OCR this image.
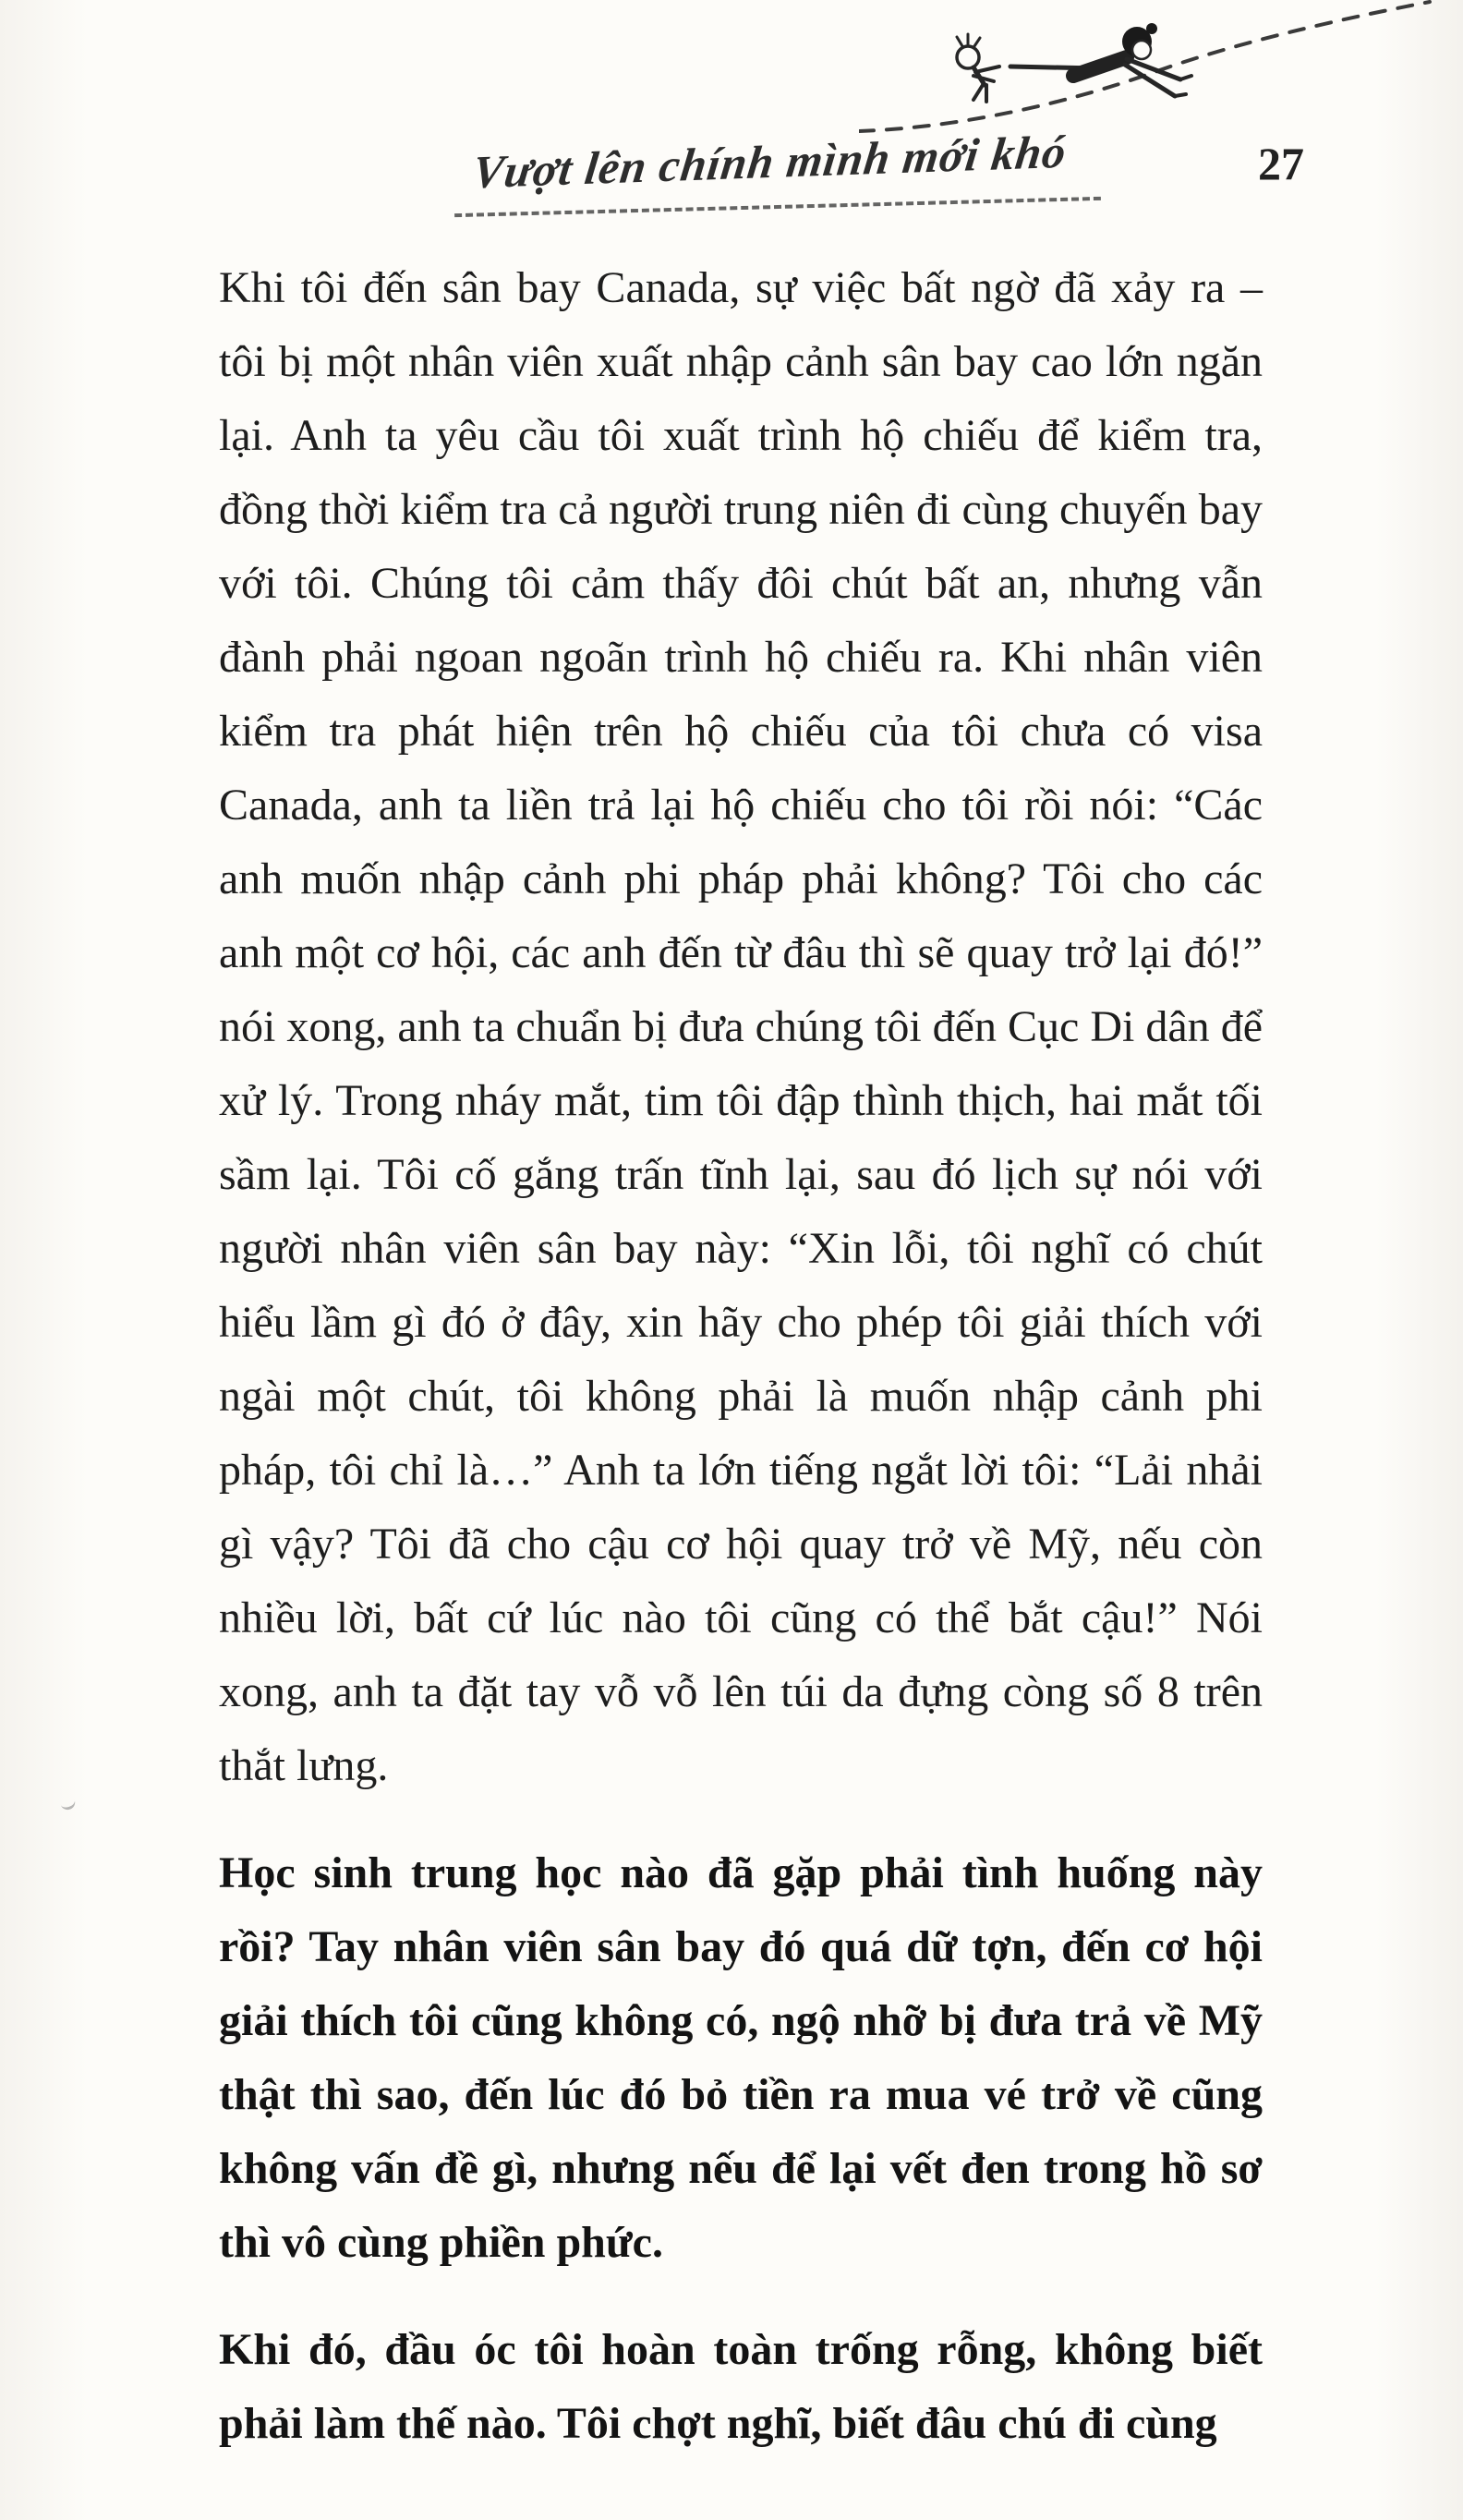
Vượt lên chính mình mới khó	27

Khi tôi đến sân bay Canada, sự việc bất ngờ đã xảy ra – tôi bị một nhân viên xuất nhập cảnh sân bay cao lớn ngăn lại. Anh ta yêu cầu tôi xuất trình hộ chiếu để kiểm tra, đồng thời kiểm tra cả người trung niên đi cùng chuyến bay với tôi. Chúng tôi cảm thấy đôi chút bất an, nhưng vẫn đành phải ngoan ngoãn trình hộ chiếu ra. Khi nhân viên kiểm tra phát hiện trên hộ chiếu của tôi chưa có visa Canada, anh ta liền trả lại hộ chiếu cho tôi rồi nói: “Các anh muốn nhập cảnh phi pháp phải không? Tôi cho các anh một cơ hội, các anh đến từ đâu thì sẽ quay trở lại đó!” nói xong, anh ta chuẩn bị đưa chúng tôi đến Cục Di dân để xử lý. Trong nháy mắt, tim tôi đập thình thịch, hai mắt tối sầm lại. Tôi cố gắng trấn tĩnh lại, sau đó lịch sự nói với người nhân viên sân bay này: “Xin lỗi, tôi nghĩ có chút hiểu lầm gì đó ở đây, xin hãy cho phép tôi giải thích với ngài một chút, tôi không phải là muốn nhập cảnh phi pháp, tôi chỉ là…” Anh ta lớn tiếng ngắt lời tôi: “Lải nhải gì vậy? Tôi đã cho cậu cơ hội quay trở về Mỹ, nếu còn nhiều lời, bất cứ lúc nào tôi cũng có thể bắt cậu!” Nói xong, anh ta đặt tay vỗ vỗ lên túi da đựng còng số 8 trên thắt lưng.

Học sinh trung học nào đã gặp phải tình huống này rồi? Tay nhân viên sân bay đó quá dữ tợn, đến cơ hội giải thích tôi cũng không có, ngộ nhỡ bị đưa trả về Mỹ thật thì sao, đến lúc đó bỏ tiền ra mua vé trở về cũng không vấn đề gì, nhưng nếu để lại vết đen trong hồ sơ thì vô cùng phiền phức.

Khi đó, đầu óc tôi hoàn toàn trống rỗng, không biết phải làm thế nào. Tôi chợt nghĩ, biết đâu chú đi cùng
